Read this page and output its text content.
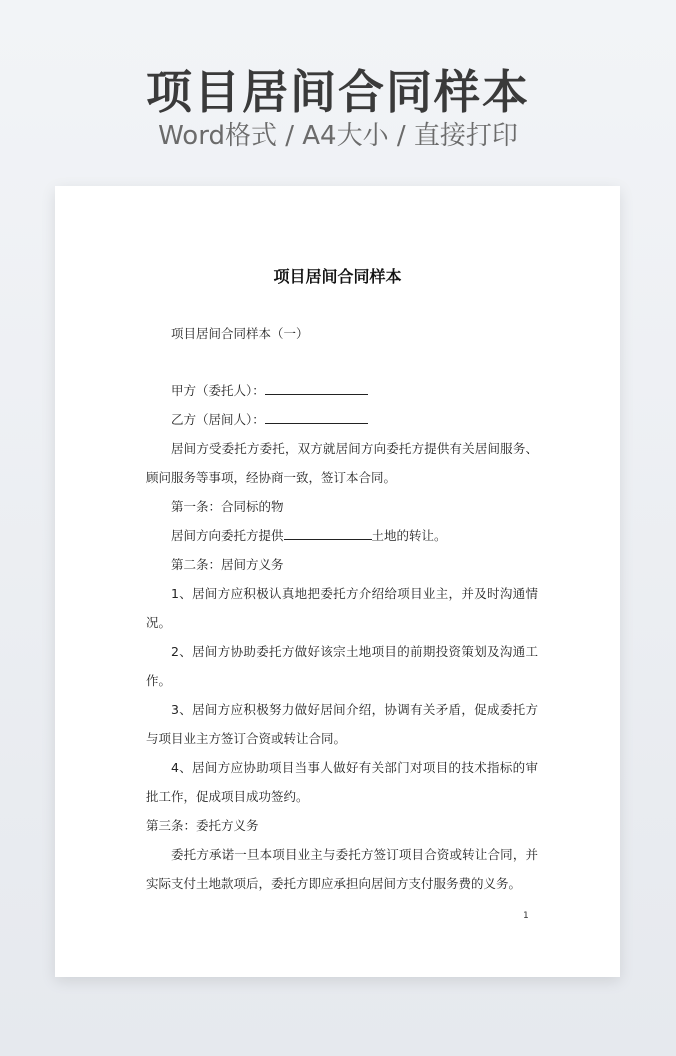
项目居间合同样本
Word格式 / A4大小 / 直接打印
项目居间合同样本

项目居间合同样本（一）

甲方（委托人）：

乙方（居间人）：

居间方受委托方委托，双方就居间方向委托方提供有关居间服务、顾问服务等事项，经协商一致，签订本合同。

第一条：合同标的物

居间方向委托方提供	土地的转让。

第二条：居间方义务

1、居间方应积极认真地把委托方介绍给项目业主，并及时沟通情况。

2、居间方协助委托方做好该宗土地项目的前期投资策划及沟通工作。

3、居间方应积极努力做好居间介绍，协调有关矛盾，促成委托方与项目业主方签订合资或转让合同。

4、居间方应协助项目当事人做好有关部门对项目的技术指标的审批工作，促成项目成功签约。

第三条：委托方义务

委托方承诺一旦本项目业主与委托方签订项目合资或转让合同，并实际支付土地款项后，委托方即应承担向居间方支付服务费的义务。

1
